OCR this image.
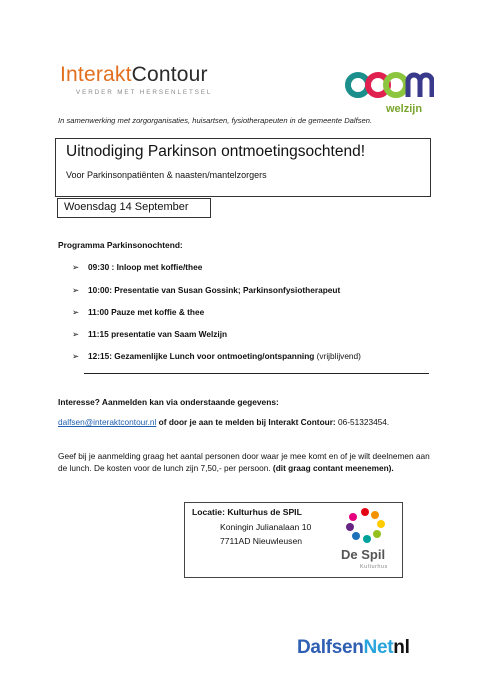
InteraktContour
VERDER MET HERSENLETSEL
welzijn
In samenwerking met zorgorganisaties, huisartsen, fysiotherapeuten in de gemeente Dalfsen.
Uitnodiging Parkinson ontmoetingsochtend!
Voor Parkinsonpatiënten & naasten/mantelzorgers
Woensdag 14 September
Programma Parkinsonochtend:
➢ 09:30 : Inloop met koffie/thee
➢ 10:00: Presentatie van Susan Gossink; Parkinsonfysiotherapeut
➢ 11:00 Pauze met koffie & thee
➢ 11:15 presentatie van Saam Welzijn
➢ 12:15: Gezamenlijke Lunch voor ontmoeting/ontspanning (vrijblijvend)
Interesse? Aanmelden kan via onderstaande gegevens:
dalfsen@interaktcontour.nl of door je aan te melden bij Interakt Contour: 06-51323454.
Geef bij je aanmelding graag het aantal personen door waar je mee komt en of je wilt deelnemen aan de lunch. De kosten voor de lunch zijn 7,50,- per persoon. (dit graag contant meenemen).
Locatie: Kulturhus de SPIL
Koningin Julianalaan 10
7711AD Nieuwleusen
De Spil
Kulturhus
DalfsenNetnl
